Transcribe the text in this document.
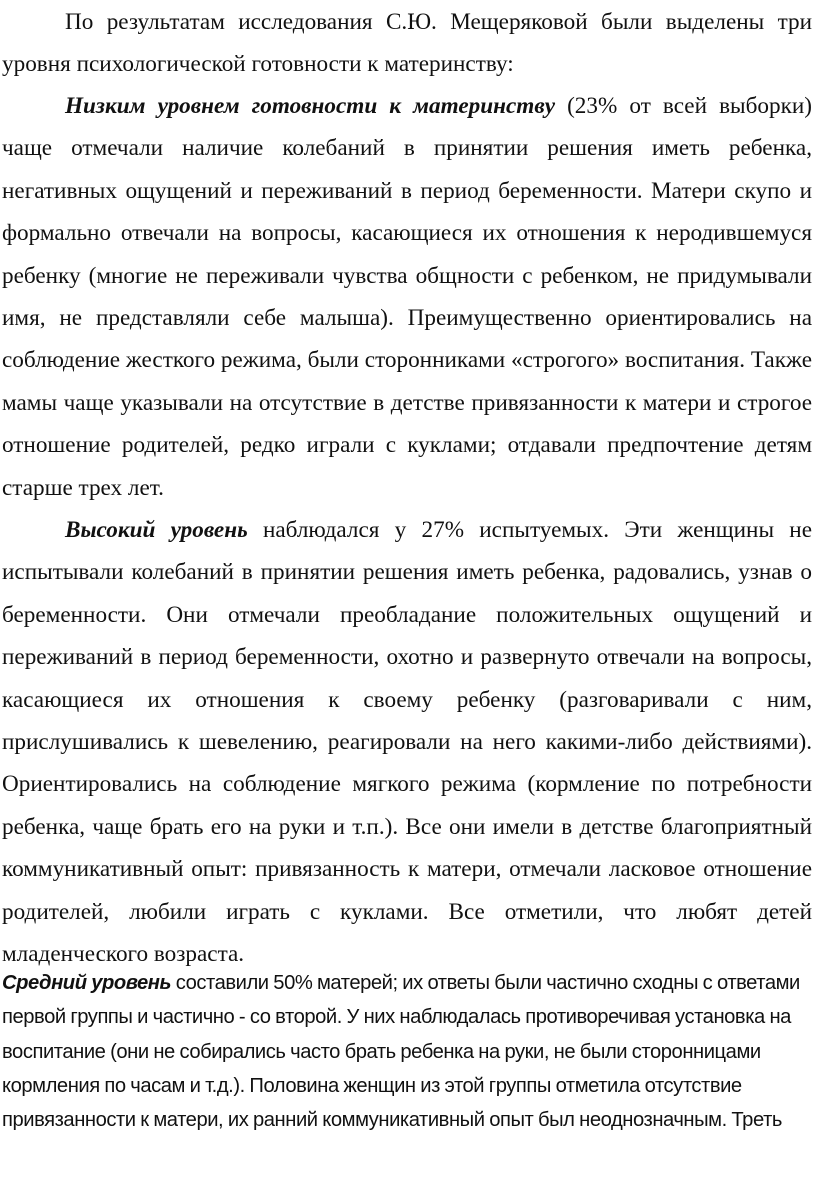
По результатам исследования С.Ю. Мещеряковой были выделены три уровня психологической готовности к материнству:

Низким уровнем готовности к материнству (23% от всей выборки) чаще отмечали наличие колебаний в принятии решения иметь ребенка, негативных ощущений и переживаний в период беременности. Матери скупо и формально отвечали на вопросы, касающиеся их отношения к неродившемуся ребенку (многие не переживали чувства общности с ребенком, не придумывали имя, не представляли себе малыша). Преимущественно ориентировались на соблюдение жесткого режима, были сторонниками «строгого» воспитания. Также мамы чаще указывали на отсутствие в детстве привязанности к матери и строгое отношение родителей, редко играли с куклами; отдавали предпочтение детям старше трех лет.

Высокий уровень наблюдался у 27% испытуемых. Эти женщины не испытывали колебаний в принятии решения иметь ребенка, радовались, узнав о беременности. Они отмечали преобладание положительных ощущений и переживаний в период беременности, охотно и развернуто отвечали на вопросы, касающиеся их отношения к своему ребенку (разговаривали с ним, прислушивались к шевелению, реагировали на него какими-либо действиями). Ориентировались на соблюдение мягкого режима (кормление по потребности ребенка, чаще брать его на руки и т.п.). Все они имели в детстве благоприятный коммуникативный опыт: привязанность к матери, отмечали ласковое отношение родителей, любили играть с куклами. Все отметили, что любят детей младенческого возраста.

Средний уровень составили 50% матерей; их ответы были частично сходны с ответами первой группы и частично - со второй. У них наблюдалась противоречивая установка на воспитание (они не собирались часто брать ребенка на руки, не были сторонницами кормления по часам и т.д.). Половина женщин из этой группы отметила отсутствие привязанности к матери, их ранний коммуникативный опыт был неоднозначным. Треть
